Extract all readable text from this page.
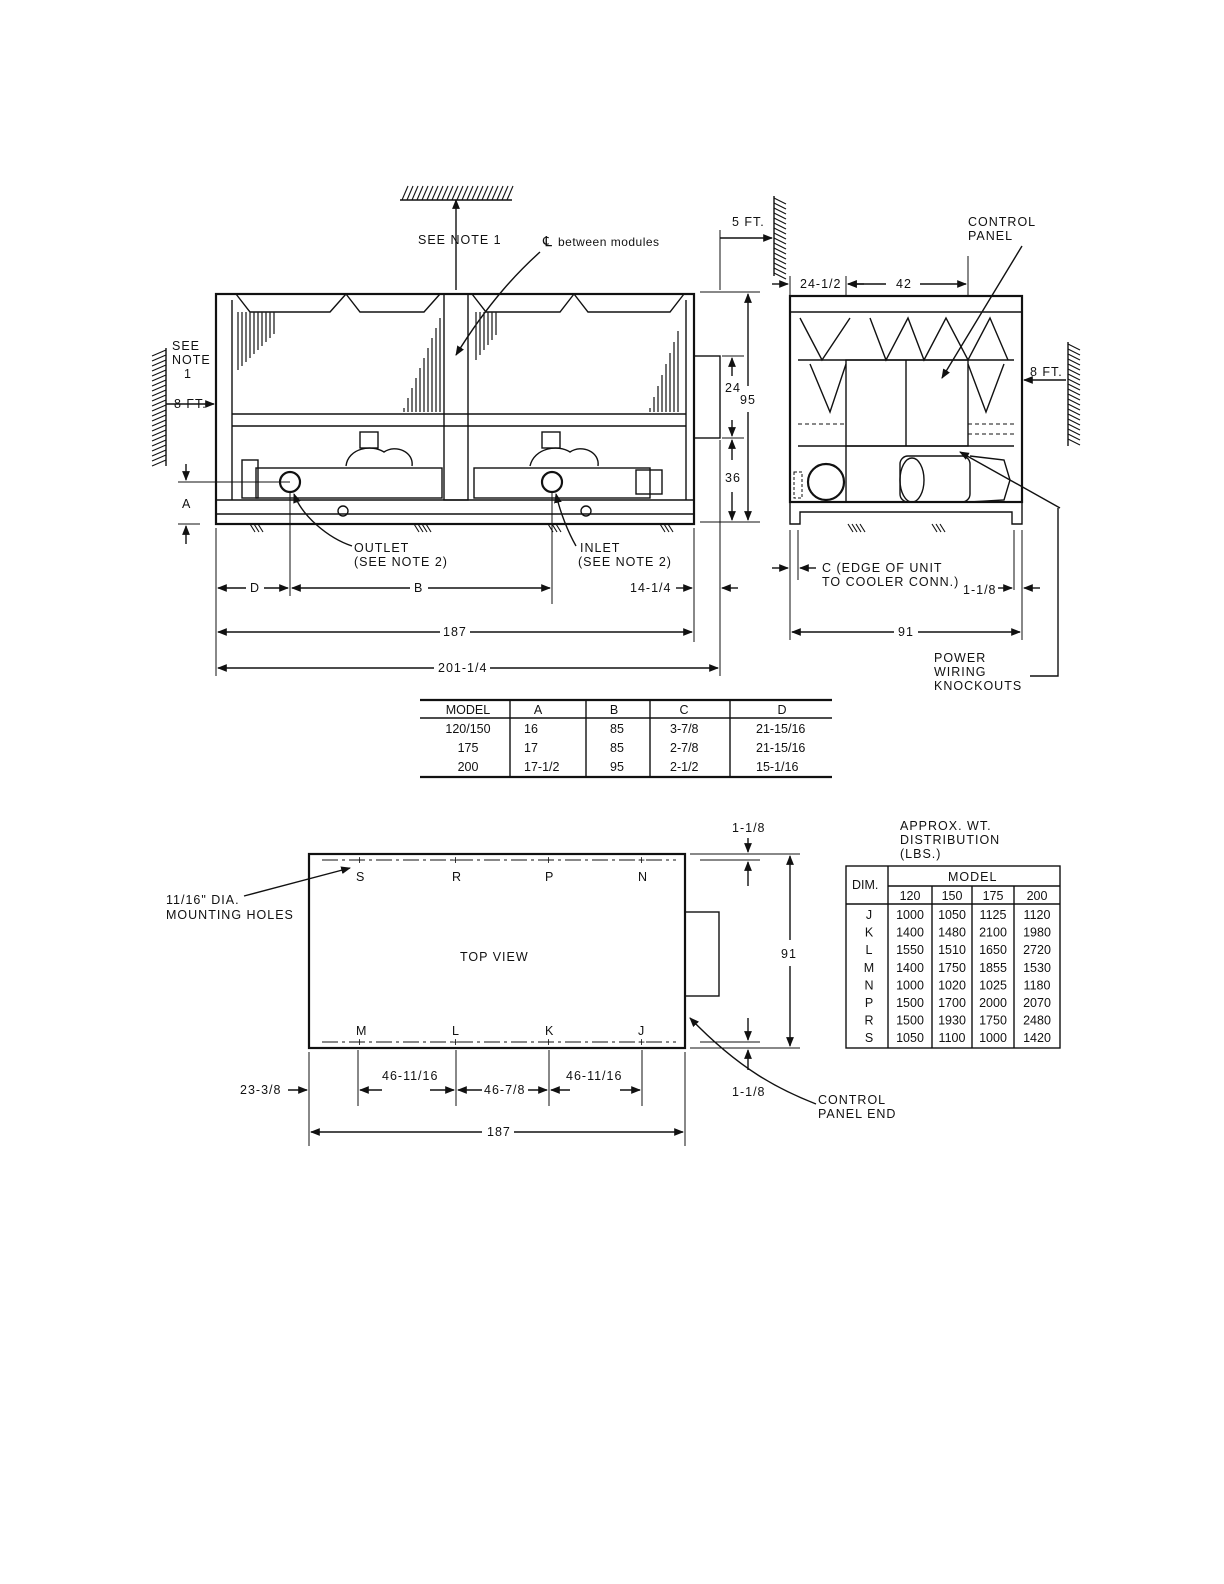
SEE NOTE 1	℄ between modules
SEE
NOTE
1
8 FT.
A
OUTLET
(SEE NOTE 2)
INLET
(SEE NOTE 2)
D	B	14-1/4
187
201-1/4
24
36
95
5 FT.	CONTROL
PANEL
24-1/2	42
8 FT.
C (EDGE OF UNIT
TO COOLER CONN.)
1-1/8
91
POWER
WIRING
KNOCKOUTS
MODEL	A	B	C	D
120/150	16	85	3-7/8	21-15/16
175	17	85	2-7/8	21-15/16
200	17-1/2	95	2-1/2	15-1/16
+
+
S
M
+
+
R
L
+
+
P
K
+
+
N
J
TOP VIEW
11/16" DIA.
MOUNTING HOLES
1-1/8
1-1/8
91
CONTROL
PANEL END
23-3/8
46-11/16
46-7/8
46-11/16
187
APPROX. WT.
DISTRIBUTION
(LBS.)
DIM.
MODEL
120 150 175 200
J 1000 1050 1125 1120
K 1400 1480 2100 1980
L 1550 1510 1650 2720
M 1400 1750 1855 1530
N 1000 1020 1025 1180
P 1500 1700 2000 2070
R 1500 1930 1750 2480
S 1050 1100 1000 1420
